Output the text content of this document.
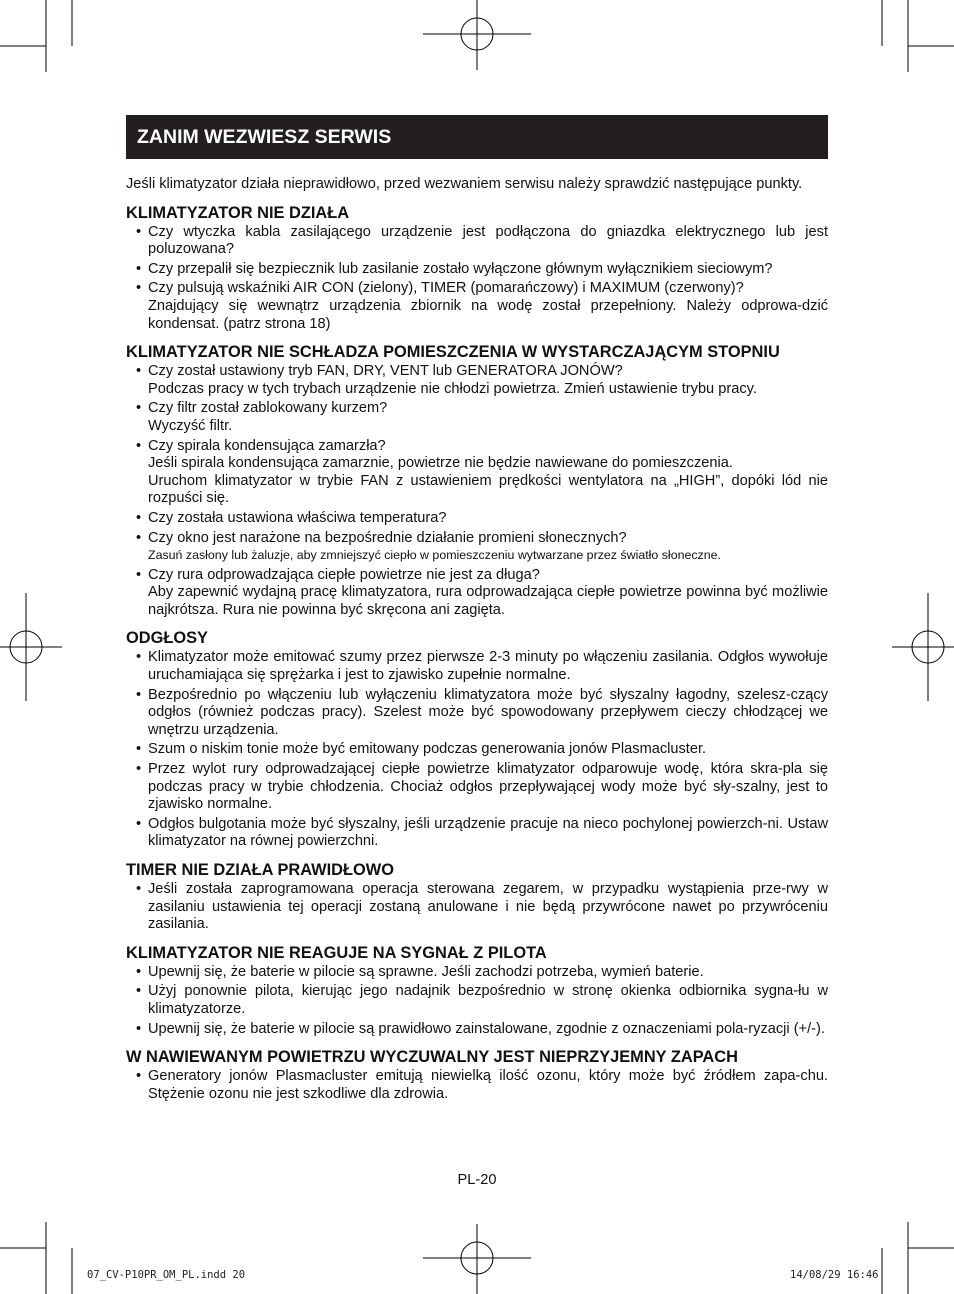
ZANIM WEZWIESZ SERWIS

Jeśli klimatyzator działa nieprawidłowo, przed wezwaniem serwisu należy sprawdzić następujące punkty.

KLIMATYZATOR NIE DZIAŁA
• Czy wtyczka kabla zasilającego urządzenie jest podłączona do gniazdka elektrycznego lub jest poluzowana?
• Czy przepalił się bezpiecznik lub zasilanie zostało wyłączone głównym wyłącznikiem sieciowym?
• Czy pulsują wskaźniki AIR CON (zielony), TIMER (pomarańczowy) i MAXIMUM (czerwony)?
Znajdujący się wewnątrz urządzenia zbiornik na wodę został przepełniony. Należy odprowa-dzić kondensat. (patrz strona 18)
KLIMATYZATOR NIE SCHŁADZA POMIESZCZENIA W WYSTARCZAJĄCYM STOPNIU
• Czy został ustawiony tryb FAN, DRY, VENT lub GENERATORA JONÓW?
Podczas pracy w tych trybach urządzenie nie chłodzi powietrza. Zmień ustawienie trybu pracy.
• Czy filtr został zablokowany kurzem?
Wyczyść filtr.
• Czy spirala kondensująca zamarzła?
Jeśli spirala kondensująca zamarznie, powietrze nie będzie nawiewane do pomieszczenia.
Uruchom klimatyzator w trybie FAN z ustawieniem prędkości wentylatora na „HIGH”, dopóki lód nie rozpuści się.
• Czy została ustawiona właściwa temperatura?
• Czy okno jest narażone na bezpośrednie działanie promieni słonecznych?
Zasuń zasłony lub żaluzje, aby zmniejszyć ciepło w pomieszczeniu wytwarzane przez światło słoneczne.
• Czy rura odprowadzająca ciepłe powietrze nie jest za długa?
Aby zapewnić wydajną pracę klimatyzatora, rura odprowadzająca ciepłe powietrze powinna być możliwie najkrótsza. Rura nie powinna być skręcona ani zagięta.
ODGŁOSY
• Klimatyzator może emitować szumy przez pierwsze 2-3 minuty po włączeniu zasilania. Odgłos wywołuje uruchamiająca się sprężarka i jest to zjawisko zupełnie normalne.
• Bezpośrednio po włączeniu lub wyłączeniu klimatyzatora może być słyszalny łagodny, szelesz-czący odgłos (również podczas pracy). Szelest może być spowodowany przepływem cieczy chłodzącej we wnętrzu urządzenia.
• Szum o niskim tonie może być emitowany podczas generowania jonów Plasmacluster.
• Przez wylot rury odprowadzającej ciepłe powietrze klimatyzator odparowuje wodę, która skra-pla się podczas pracy w trybie chłodzenia. Chociaż odgłos przepływającej wody może być sły-szalny, jest to zjawisko normalne.
• Odgłos bulgotania może być słyszalny, jeśli urządzenie pracuje na nieco pochylonej powierzch-ni. Ustaw klimatyzator na równej powierzchni.
TIMER NIE DZIAŁA PRAWIDŁOWO
• Jeśli została zaprogramowana operacja sterowana zegarem, w przypadku wystąpienia prze-rwy w zasilaniu ustawienia tej operacji zostaną anulowane i nie będą przywrócone nawet po przywróceniu zasilania.
KLIMATYZATOR NIE REAGUJE NA SYGNAŁ Z PILOTA
• Upewnij się, że baterie w pilocie są sprawne. Jeśli zachodzi potrzeba, wymień baterie.
• Użyj ponownie pilota, kierując jego nadajnik bezpośrednio w stronę okienka odbiornika sygna-łu w klimatyzatorze.
• Upewnij się, że baterie w pilocie są prawidłowo zainstalowane, zgodnie z oznaczeniami pola-ryzacji (+/-).
W NAWIEWANYM POWIETRZU WYCZUWALNY JEST NIEPRZYJEMNY ZAPACH
• Generatory jonów Plasmacluster emitują niewielką ilość ozonu, który może być źródłem zapa-chu. Stężenie ozonu nie jest szkodliwe dla zdrowia.
PL-20
07_CV-P10PR_OM_PL.indd 20	14/08/29 16:46
